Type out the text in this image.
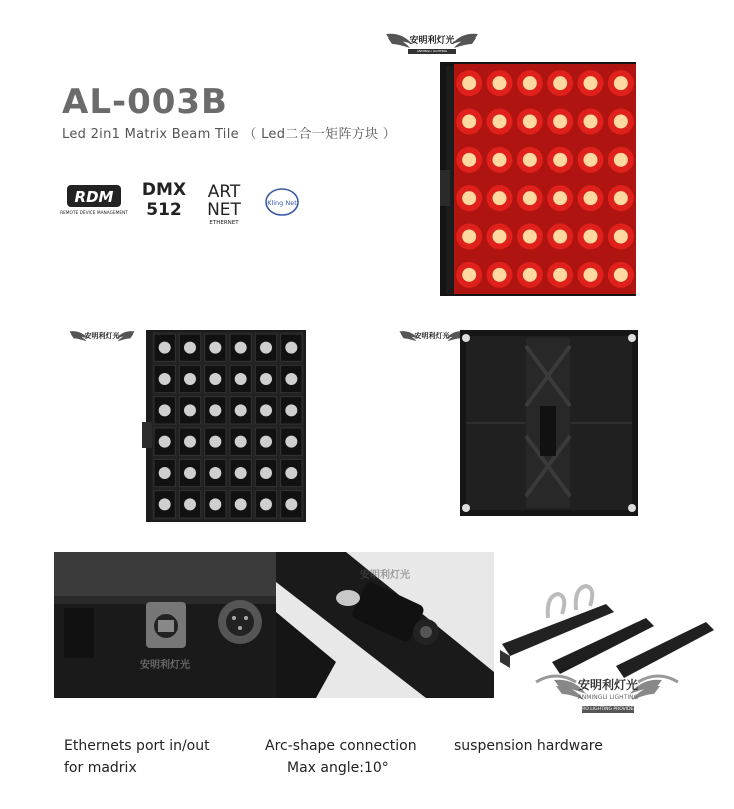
AL-003B
Led 2in1 Matrix Beam Tile （ Led二合一矩阵方块 ）
RDM
REMOTE DEVICE MANAGEMENT
DMX
512
ART
NET
ETHERNET
Kling Net
安明利灯光
ANMINGLI LIGHTING
安明利灯光	安明利灯光
安明利灯光
安明利灯光
安明利灯光
ANMINGLI LIGHTING
PRO LIGHTING PROVIDER
Ethernets port in/out
for madrix
Arc-shape connection
Max angle:10°
suspension hardware
